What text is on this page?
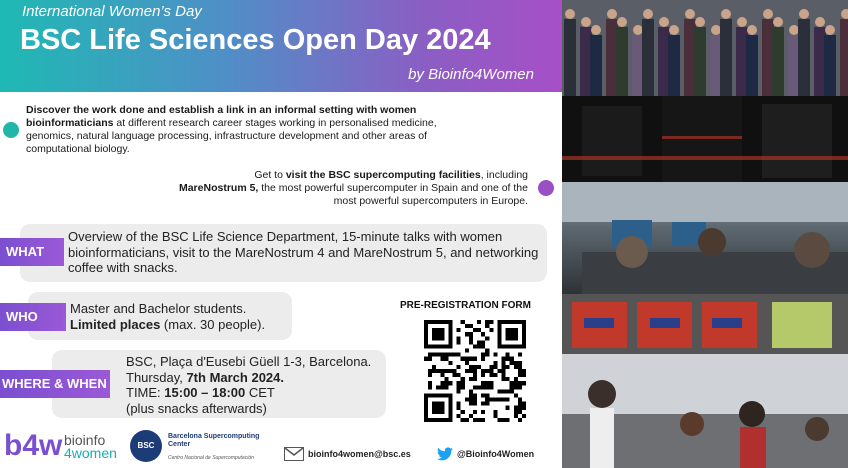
International Women’s Day
BSC Life Sciences Open Day 2024
by Bioinfo4Women
Discover the work done and establish a link in an informal setting with women bioinformaticians at different research career stages working in personalised medicine, genomics, natural language processing, infrastructure development and other areas of computational biology.
Get to visit the BSC supercomputing facilities, including
MareNostrum 5, the most powerful supercomputer in Spain and one of the most powerful supercomputers in Europe.
Overview of the BSC Life Science Department, 15-minute talks with women bioinformaticians, visit to the MareNostrum 4 and MareNostrum 5, and networking coffee with snacks.
WHAT
Master and Bachelor students.
Limited places (max. 30 people).
WHO
BSC, Plaça d'Eusebi Güell 1-3, Barcelona.
Thursday, 7th March 2024.
TIME: 15:00 – 18:00 CET
(plus snacks afterwards)
WHERE & WHEN
PRE-REGISTRATION FORM
b4w bioinfo
4women	BSC
Barcelona Supercomputing Center
Centro Nacional de Supercomputación	bioinfo4women@bsc.es	@Bioinfo4Women
